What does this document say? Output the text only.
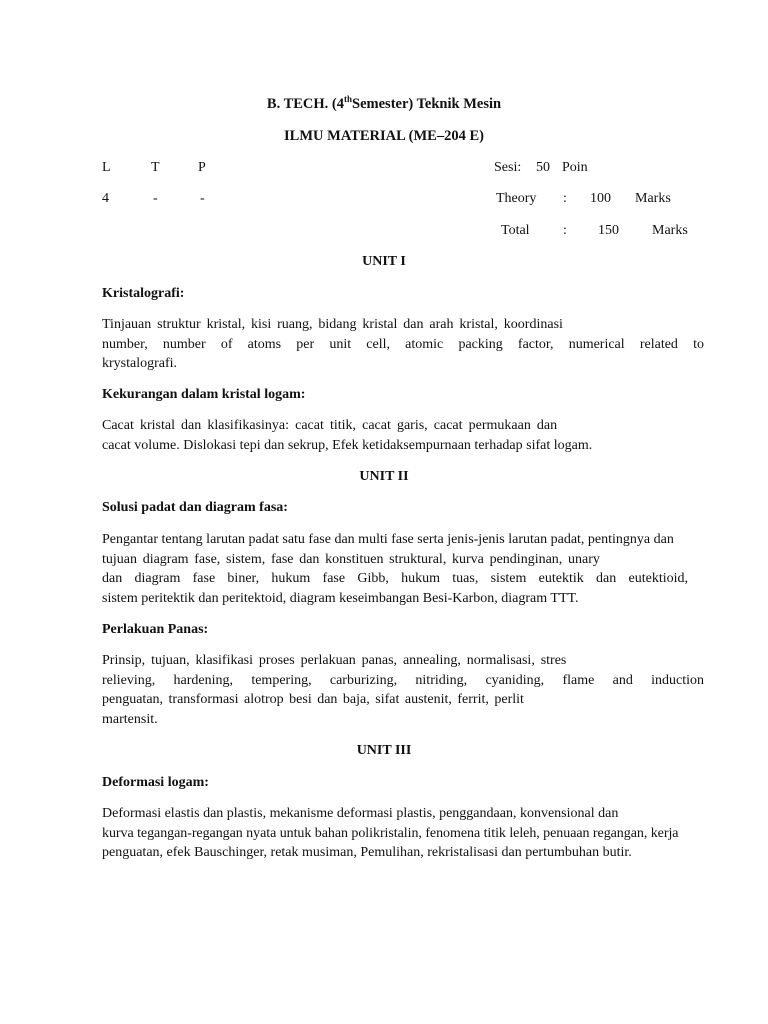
B. TECH. (4thSemester) Teknik Mesin
ILMU MATERIAL (ME–204 E)
L	T	P
4	-	-
Sesi: 50 Poin
Theory : 100 Marks
Total : 150 Marks
UNIT I
Kristalografi:
Tinjauan struktur kristal, kisi ruang, bidang kristal dan arah kristal, koordinasi
number, number of atoms per unit cell, atomic packing factor, numerical related to
krystalografi.
Kekurangan dalam kristal logam:
Cacat kristal dan klasifikasinya: cacat titik, cacat garis, cacat permukaan dan
cacat volume. Dislokasi tepi dan sekrup, Efek ketidaksempurnaan terhadap sifat logam.
UNIT II
Solusi padat dan diagram fasa:
Pengantar tentang larutan padat satu fase dan multi fase serta jenis-jenis larutan padat, pentingnya dan
tujuan diagram fase, sistem, fase dan konstituen struktural, kurva pendinginan, unary
dan diagram fase biner, hukum fase Gibb, hukum tuas, sistem eutektik dan eutektioid,
sistem peritektik dan peritektoid, diagram keseimbangan Besi-Karbon, diagram TTT.
Perlakuan Panas:
Prinsip, tujuan, klasifikasi proses perlakuan panas, annealing, normalisasi, stres
relieving, hardening, tempering, carburizing, nitriding, cyaniding, flame and induction
penguatan, transformasi alotrop besi dan baja, sifat austenit, ferrit, perlit
martensit.
UNIT III
Deformasi logam:
Deformasi elastis dan plastis, mekanisme deformasi plastis, penggandaan, konvensional dan
kurva tegangan-regangan nyata untuk bahan polikristalin, fenomena titik leleh, penuaan regangan, kerja
penguatan, efek Bauschinger, retak musiman, Pemulihan, rekristalisasi dan pertumbuhan butir.
